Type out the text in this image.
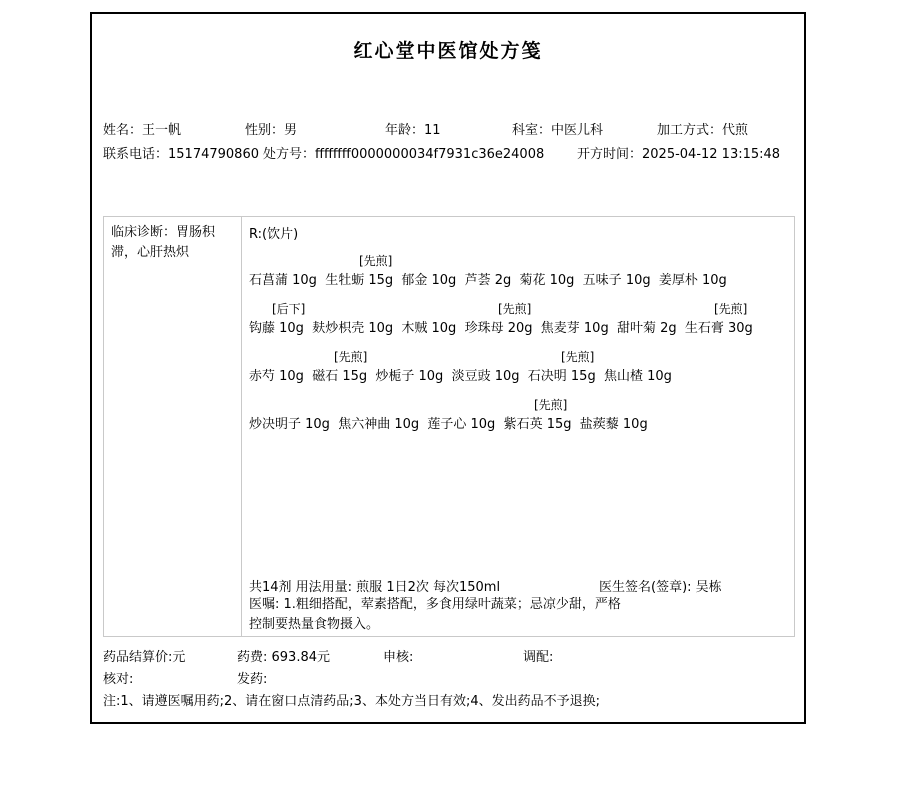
红心堂中医馆处方笺
姓名：王一帆	性别：男	年龄：11	科室：中医儿科	加工方式：代煎
联系电话：15174790860 处方号：ffffffff0000000034f7931c36e24008	开方时间：2025-04-12 13:15:48
临床诊断：胃肠积滞，心肝热炽
R:(饮片)
[先煎]
石菖蒲 10g  生牡蛎 15g  郁金 10g  芦荟 2g  菊花 10g  五味子 10g  姜厚朴 10g
[后下]	[先煎]	[先煎]
钩藤 10g  麸炒枳壳 10g  木贼 10g  珍珠母 20g  焦麦芽 10g  甜叶菊 2g  生石膏 30g
[先煎]	[先煎]
赤芍 10g  磁石 15g  炒栀子 10g  淡豆豉 10g  石决明 15g  焦山楂 10g
[先煎]
炒决明子 10g  焦六神曲 10g  莲子心 10g  紫石英 15g  盐蒺藜 10g
共14剂 用法用量: 煎服 1日2次 每次150ml	医生签名(签章): 吴栋
医嘱: 1.粗细搭配，荤素搭配，多食用绿叶蔬菜；忌凉少甜，严格
控制要热量食物摄入。
药品结算价:元	药费: 693.84元	申核:	调配:
核对:	发药:
注:1、请遵医嘱用药;2、请在窗口点清药品;3、本处方当日有效;4、发出药品不予退换;
